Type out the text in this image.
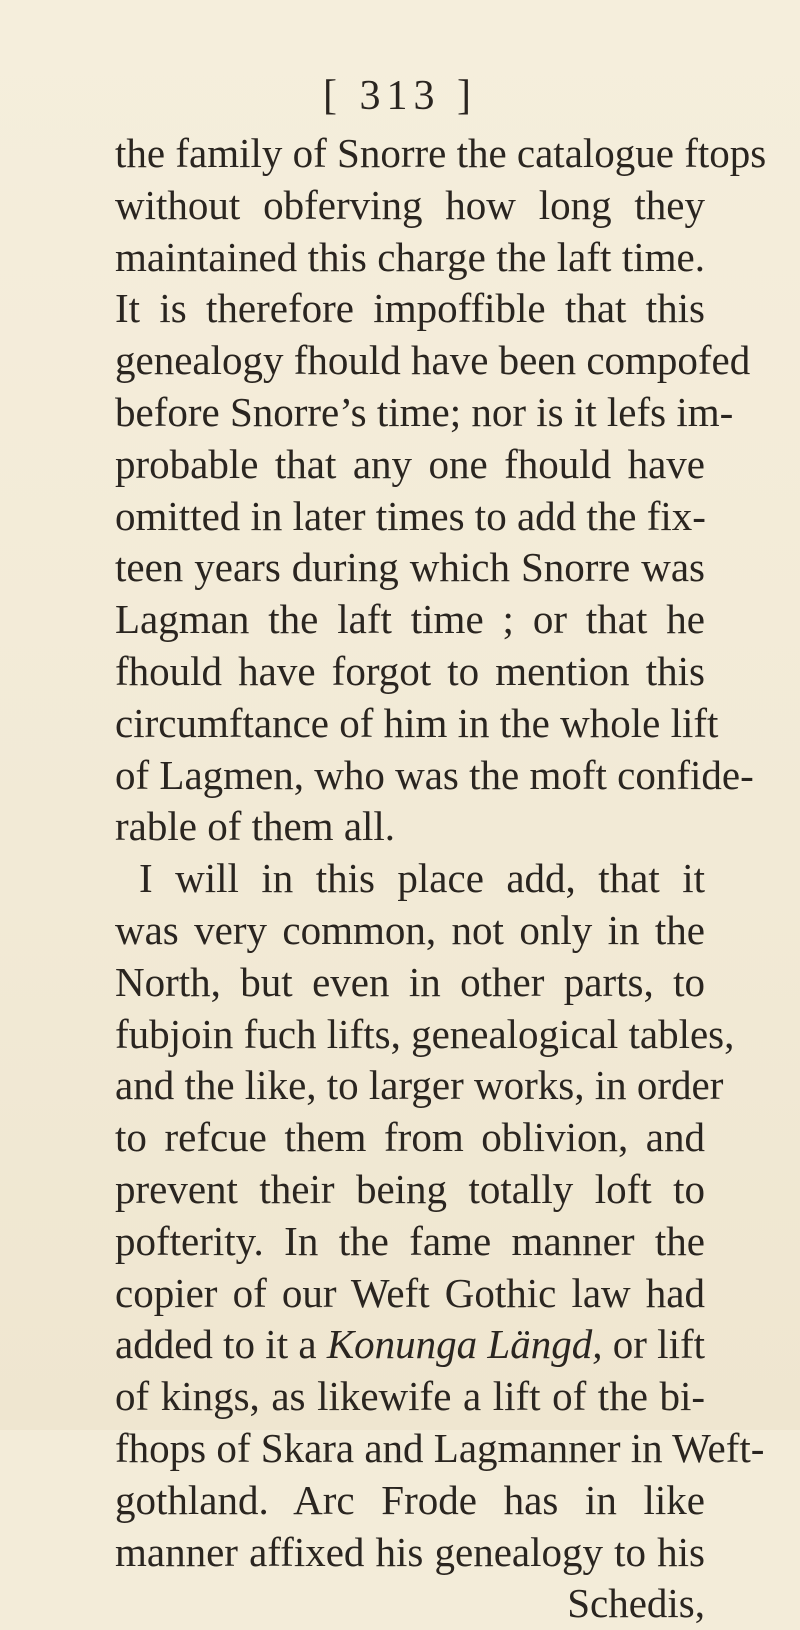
[ 313 ]
the family of Snorre the catalogue ftops
without obferving how long they
maintained this charge the laft time.
It is therefore impoffible that this
genealogy fhould have been compofed
before Snorre’s time; nor is it lefs im-
probable that any one fhould have
omitted in later times to add the fix-
teen years during which Snorre was
Lagman the laft time ; or that he
fhould have forgot to mention this
circumftance of him in the whole lift
of Lagmen, who was the moft confide-
rable of them all.
I will in this place add, that it
was very common, not only in the
North, but even in other parts, to
fubjoin fuch lifts, genealogical tables,
and the like, to larger works, in order
to refcue them from oblivion, and
prevent their being totally loft to
pofterity. In the fame manner the
copier of our Weft Gothic law had
added to it a Konunga Längd, or lift
of kings, as likewife a lift of the bi-
fhops of Skara and Lagmanner in Weft-
gothland. Arc Frode has in like
manner affixed his genealogy to his
Schedis,
